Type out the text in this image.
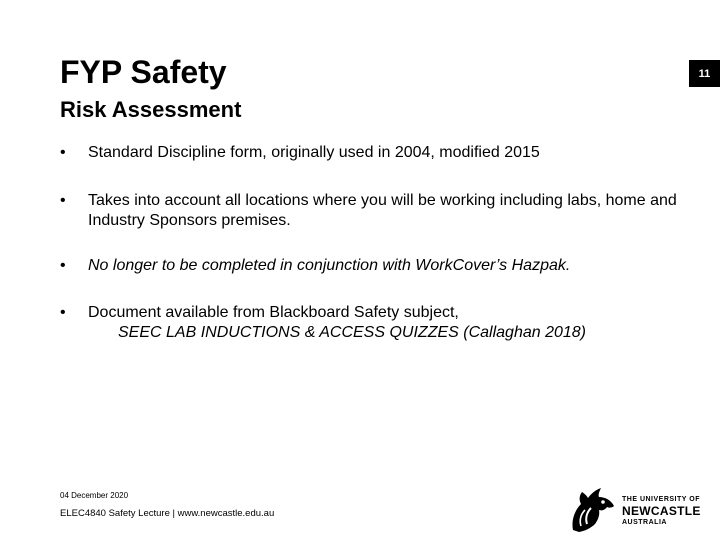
FYP Safety
Risk Assessment
11
• Standard Discipline form, originally used in 2004, modified 2015
• Takes into account all locations where you will be working including labs, home and Industry Sponsors premises.
• No longer to be completed in conjunction with WorkCover’s Hazpak.
• Document available from Blackboard Safety subject,
SEEC LAB INDUCTIONS & ACCESS QUIZZES (Callaghan 2018)
04 December 2020
ELEC4840 Safety Lecture | www.newcastle.edu.au
THE UNIVERSITY OF
NEWCASTLE
AUSTRALIA
